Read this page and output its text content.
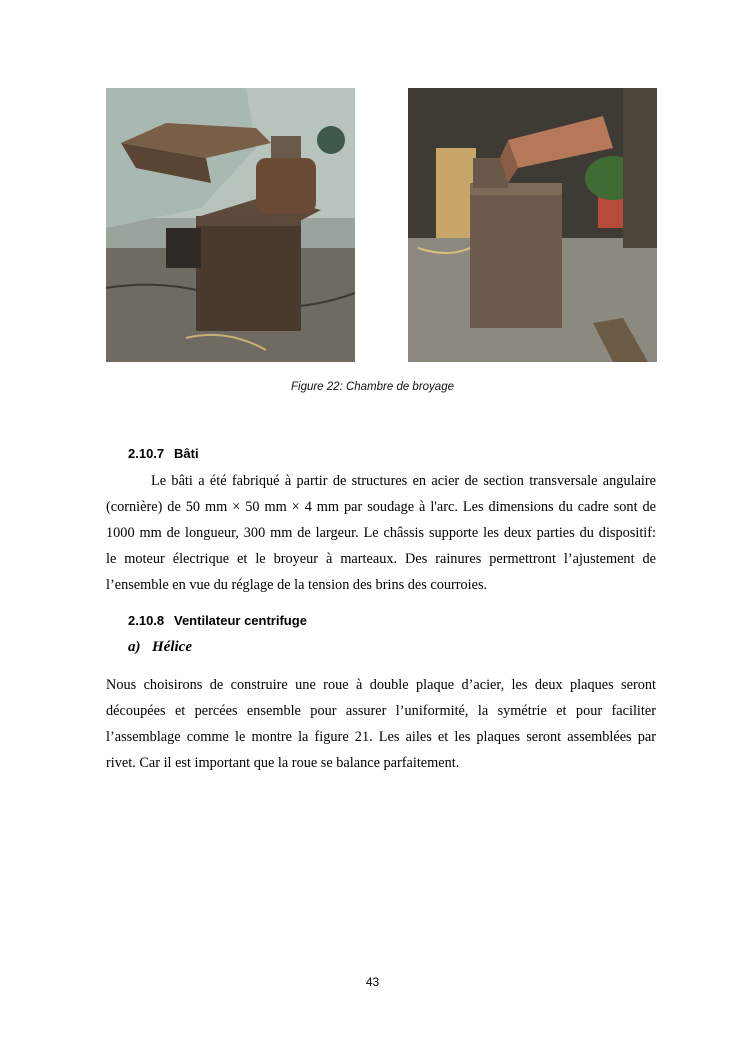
Figure 22: Chambre de broyage
2.10.7 Bâti
Le bâti a été fabriqué à partir de structures en acier de section transversale angulaire
(cornière) de 50 mm × 50 mm × 4 mm par soudage à l'arc. Les dimensions du cadre sont de
1000 mm de longueur, 300 mm de largeur. Le châssis supporte les deux parties du dispositif:
le moteur électrique et le broyeur à marteaux. Des rainures permettront l’ajustement de
l’ensemble en vue du réglage de la tension des brins des courroies.
2.10.8 Ventilateur centrifuge
a) Hélice
Nous choisirons de construire une roue à double plaque d’acier, les deux plaques seront
découpées et percées ensemble pour assurer l’uniformité, la symétrie et pour faciliter
l’assemblage comme le montre la figure 21. Les ailes et les plaques seront assemblées par
rivet. Car il est important que la roue se balance parfaitement.
43
